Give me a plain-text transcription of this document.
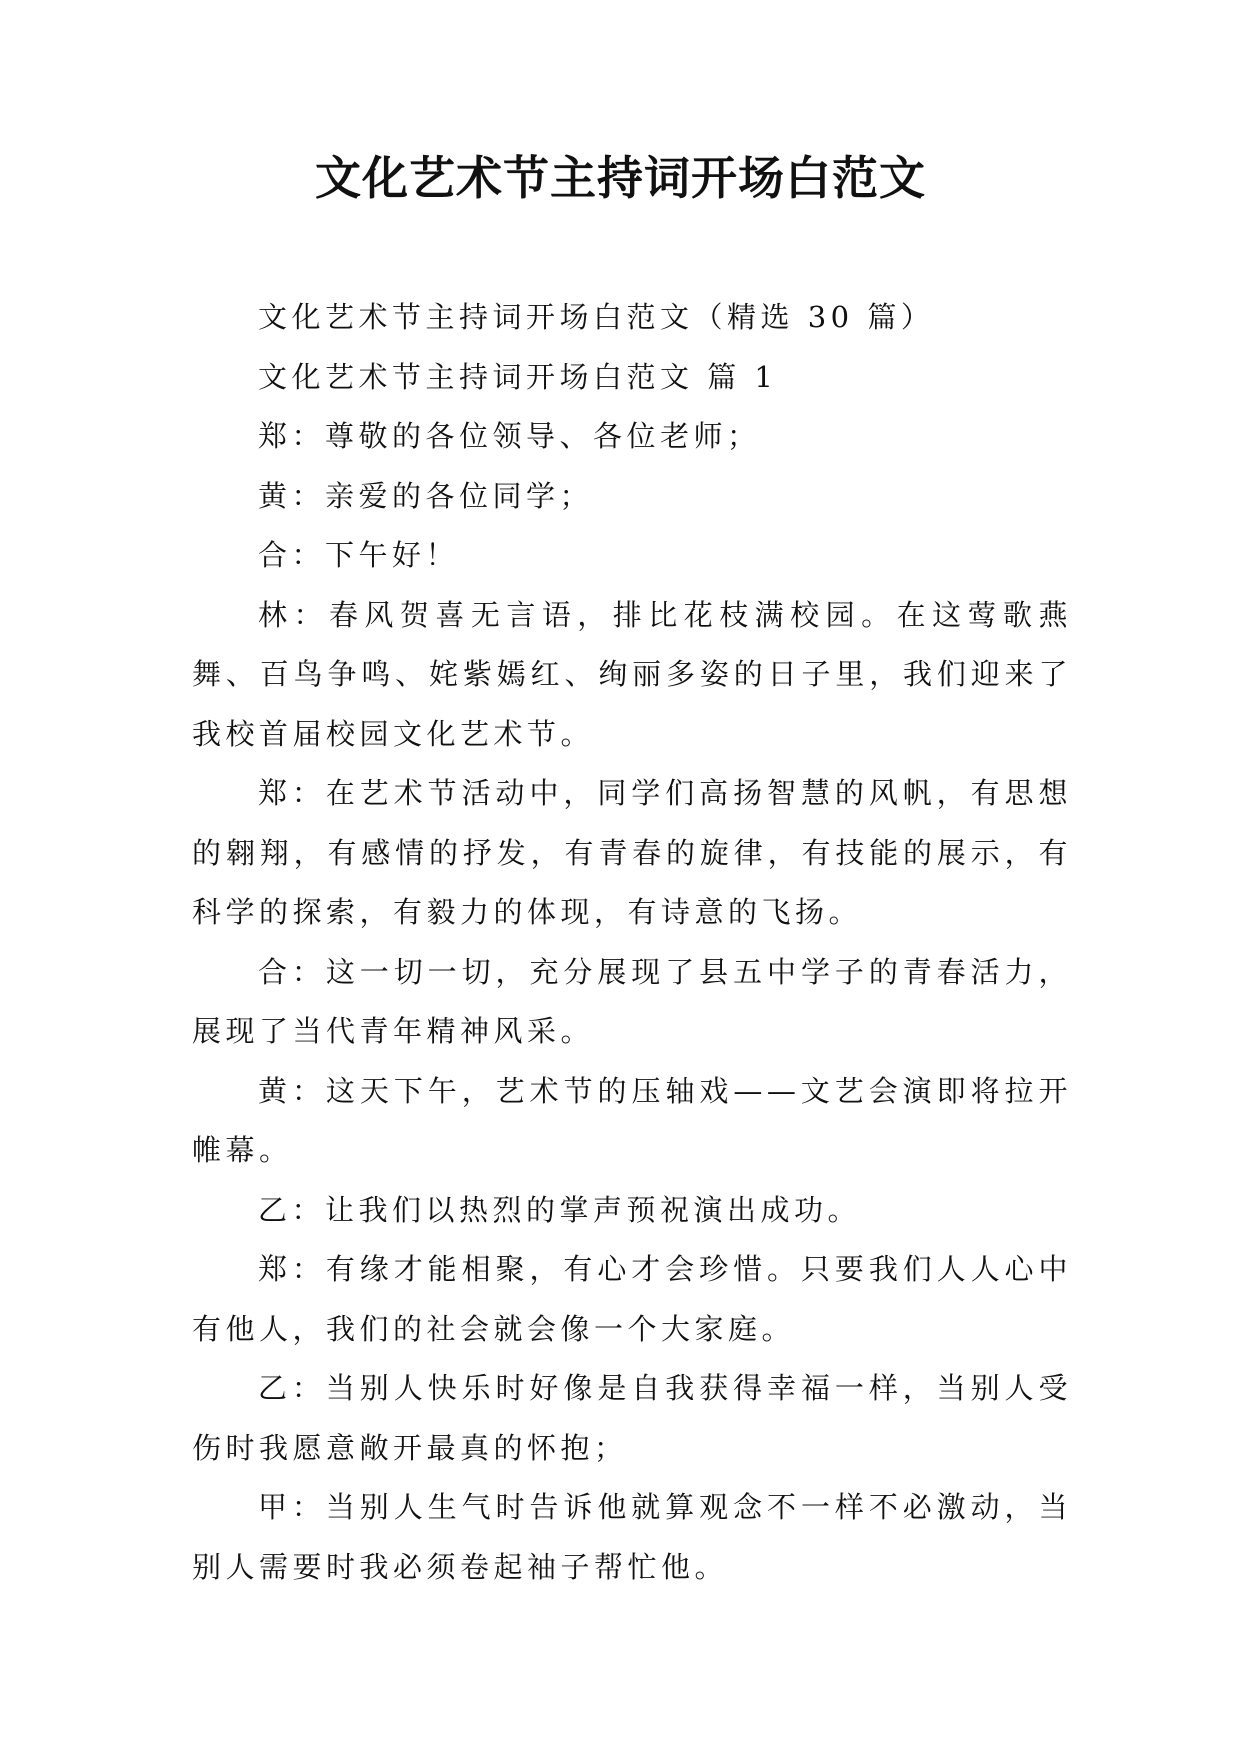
文化艺术节主持词开场白范文

文化艺术节主持词开场白范文（精选 30 篇）

文化艺术节主持词开场白范文 篇 1

郑：尊敬的各位领导、各位老师；

黄：亲爱的各位同学；

合：下午好！

林：春风贺喜无言语，排比花枝满校园。在这莺歌燕舞、百鸟争鸣、姹紫嫣红、绚丽多姿的日子里，我们迎来了我校首届校园文化艺术节。

郑：在艺术节活动中，同学们高扬智慧的风帆，有思想的翱翔，有感情的抒发，有青春的旋律，有技能的展示，有科学的探索，有毅力的体现，有诗意的飞扬。

合：这一切一切，充分展现了县五中学子的青春活力，展现了当代青年精神风采。

黄：这天下午，艺术节的压轴戏——文艺会演即将拉开帷幕。

乙：让我们以热烈的掌声预祝演出成功。

郑：有缘才能相聚，有心才会珍惜。只要我们人人心中有他人，我们的社会就会像一个大家庭。

乙：当别人快乐时好像是自我获得幸福一样，当别人受伤时我愿意敞开最真的怀抱；

甲：当别人生气时告诉他就算观念不一样不必激动，当别人需要时我必须卷起袖子帮忙他。
